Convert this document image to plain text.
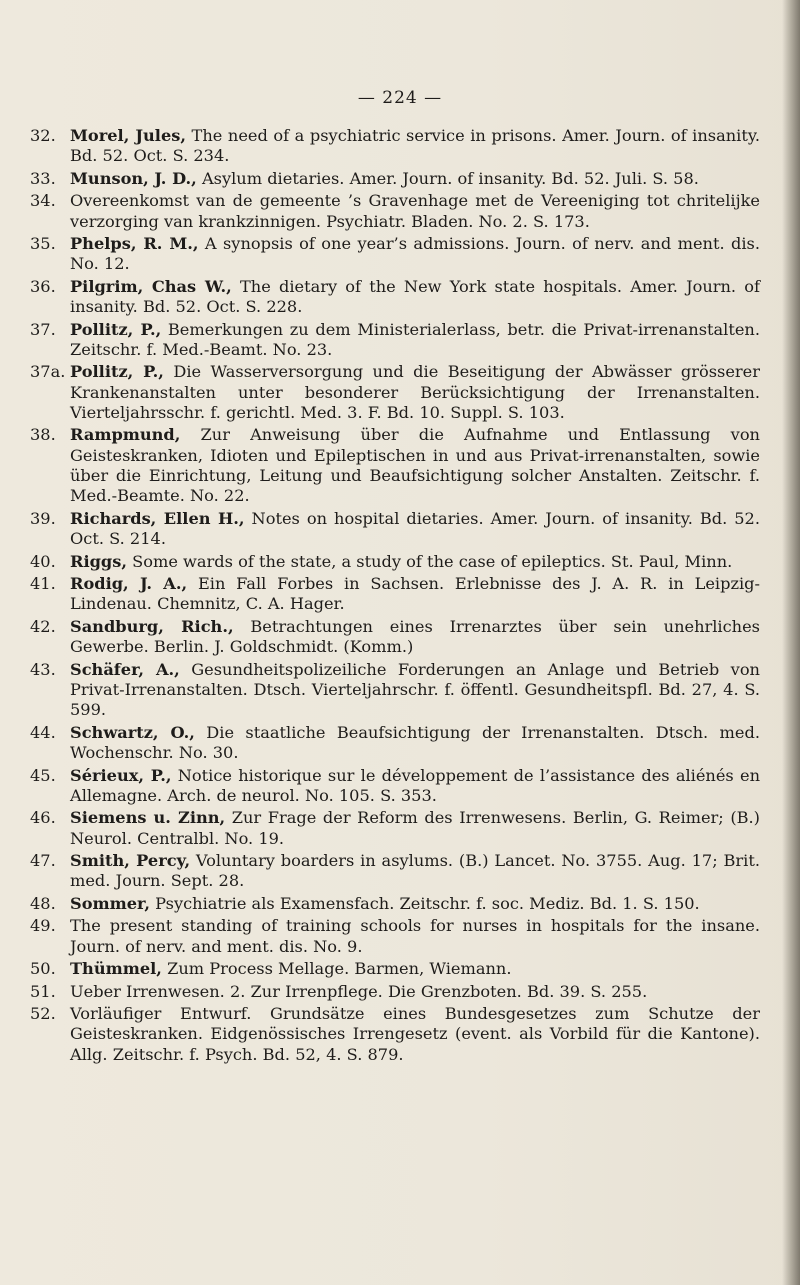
— 224 —
32. Morel, Jules, The need of a psychiatric service in prisons. Amer. Journ. of insanity. Bd. 52. Oct. S. 234.
33. Munson, J. D., Asylum dietaries. Amer. Journ. of insanity. Bd. 52. Juli. S. 58.
34. Overeenkomst van de gemeente ’s Gravenhage met de Vereeniging tot chritelijke verzorging van krankzinnigen. Psychiatr. Bladen. No. 2. S. 173.
35. Phelps, R. M., A synopsis of one year’s admissions. Journ. of nerv. and ment. dis. No. 12.
36. Pilgrim, Chas W., The dietary of the New York state hospitals. Amer. Journ. of insanity. Bd. 52. Oct. S. 228.
37. Pollitz, P., Bemerkungen zu dem Ministerialerlass, betr. die Privat-irrenanstalten. Zeitschr. f. Med.-Beamt. No. 23.
37a. Pollitz, P., Die Wasserversorgung und die Beseitigung der Abwässer grösserer Krankenanstalten unter besonderer Berücksichtigung der Irrenanstalten. Vierteljahrsschr. f. gerichtl. Med. 3. F. Bd. 10. Suppl. S. 103.
38. Rampmund, Zur Anweisung über die Aufnahme und Entlassung von Geisteskranken, Idioten und Epileptischen in und aus Privat-irrenanstalten, sowie über die Einrichtung, Leitung und Beaufsichtigung solcher Anstalten. Zeitschr. f. Med.-Beamte. No. 22.
39. Richards, Ellen H., Notes on hospital dietaries. Amer. Journ. of insanity. Bd. 52. Oct. S. 214.
40. Riggs, Some wards of the state, a study of the case of epileptics. St. Paul, Minn.
41. Rodig, J. A., Ein Fall Forbes in Sachsen. Erlebnisse des J. A. R. in Leipzig-Lindenau. Chemnitz, C. A. Hager.
42. Sandburg, Rich., Betrachtungen eines Irrenarztes über sein unehrliches Gewerbe. Berlin. J. Goldschmidt. (Komm.)
43. Schäfer, A., Gesundheitspolizeiliche Forderungen an Anlage und Betrieb von Privat-Irrenanstalten. Dtsch. Vierteljahrschr. f. öffentl. Gesundheitspfl. Bd. 27, 4. S. 599.
44. Schwartz, O., Die staatliche Beaufsichtigung der Irrenanstalten. Dtsch. med. Wochenschr. No. 30.
45. Sérieux, P., Notice historique sur le développement de l’assistance des aliénés en Allemagne. Arch. de neurol. No. 105. S. 353.
46. Siemens u. Zinn, Zur Frage der Reform des Irrenwesens. Berlin, G. Reimer; (B.) Neurol. Centralbl. No. 19.
47. Smith, Percy, Voluntary boarders in asylums. (B.) Lancet. No. 3755. Aug. 17; Brit. med. Journ. Sept. 28.
48. Sommer, Psychiatrie als Examensfach. Zeitschr. f. soc. Mediz. Bd. 1. S. 150.
49. The present standing of training schools for nurses in hospitals for the insane. Journ. of nerv. and ment. dis. No. 9.
50. Thümmel, Zum Process Mellage. Barmen, Wiemann.
51. Ueber Irrenwesen. 2. Zur Irrenpflege. Die Grenzboten. Bd. 39. S. 255.
52. Vorläufiger Entwurf. Grundsätze eines Bundesgesetzes zum Schutze der Geisteskranken. Eidgenössisches Irrengesetz (event. als Vorbild für die Kantone). Allg. Zeitschr. f. Psych. Bd. 52, 4. S. 879.
